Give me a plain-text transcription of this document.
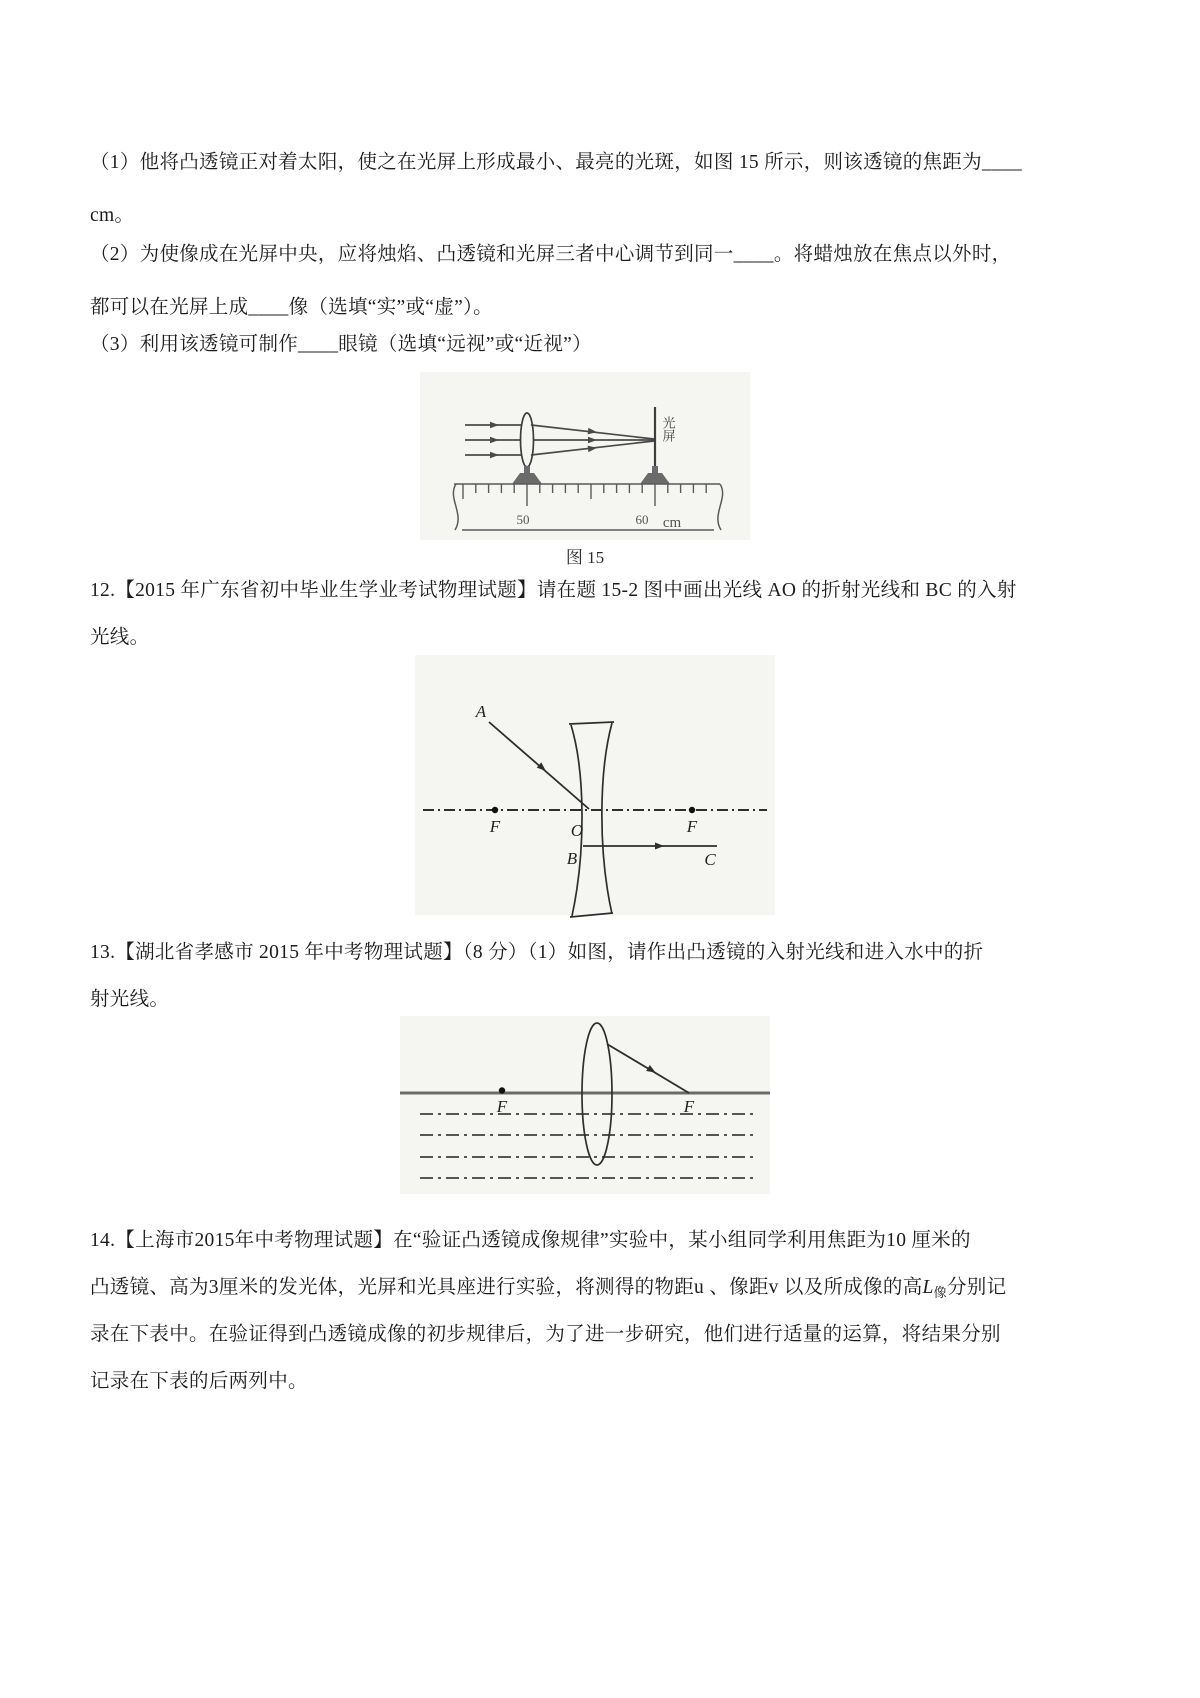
（1）他将凸透镜正对着太阳，使之在光屏上形成最小、最亮的光斑，如图 15 所示，则该透镜的焦距为____

cm。

（2）为使像成在光屏中央，应将烛焰、凸透镜和光屏三者中心调节到同一____。将蜡烛放在焦点以外时，

都可以在光屏上成____像（选填“实”或“虚”）。

（3）利用该透镜可制作____眼镜（选填“远视”或“近视”）

光屏
50	60 cm
图 15

12.【2015 年广东省初中毕业生学业考试物理试题】请在题 15-2 图中画出光线 AO 的折射光线和 BC 的入射

光线。

A
F	O	F
B	C

13.【湖北省孝感市 2015 年中考物理试题】（8 分）（1）如图，请作出凸透镜的入射光线和进入水中的折

射光线。

F	F

14.【上海市2015年中考物理试题】在“验证凸透镜成像规律”实验中，某小组同学利用焦距为10 厘米的

凸透镜、高为3厘米的发光体，光屏和光具座进行实验，将测得的物距u 、像距v 以及所成像的高$L_像$分别记

录在下表中。在验证得到凸透镜成像的初步规律后，为了进一步研究，他们进行适量的运算，将结果分别

记录在下表的后两列中。
